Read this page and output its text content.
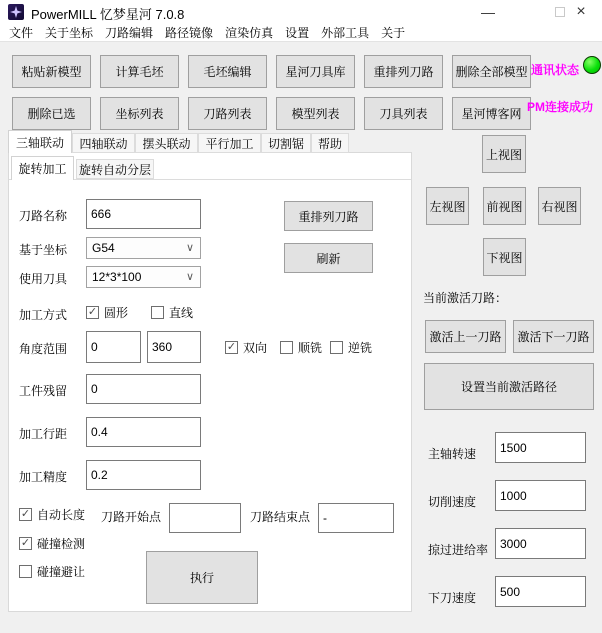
PowerMILL 忆梦星河 7.0.8	—	×
文件	关于坐标	刀路编辑	路径镜像	渲染仿真	设置	外部工具	关于
粘贴新模型	计算毛坯	毛坯编辑	星河刀具库	重排列刀路	删除全部模型 通讯状态
删除已选	坐标列表	刀路列表	模型列表	刀具列表	星河博客网 PM连接成功
三轴联动	四轴联动	摆头联动	平行加工	切割锯	帮助
旋转加工	旋转自动分层
刀路名称
666
基于坐标 G54	∨
使用刀具 12*3*100	∨
重排列刀路
刷新
加工方式 ✓ 圆形	直线
角度范围
0
360	✓ 双向	顺铣 逆铣
工件残留
0
加工行距
0.4
加工精度
0.2
✓ 自动长度 刀路开始点	刀路结束点
-
✓ 碰撞检测
碰撞避让	执行
上视图
左视图 前视图 右视图
下视图
当前激活刀路：
激活上一刀路	激活下一刀路
设置当前激活路径
主轴转速
1500
切削速度
1000
掠过进给率
3000
下刀速度
500
